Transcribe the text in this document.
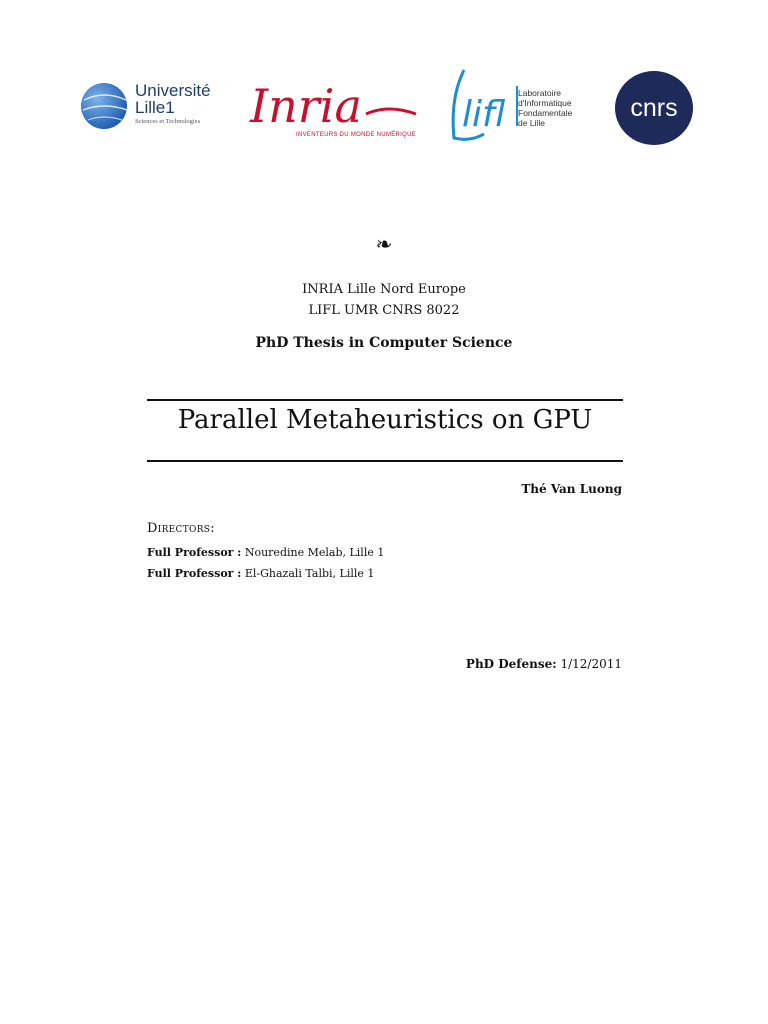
Université
Lille1
Sciences et Technologies Inria
INVENTEURS DU MONDE NUMÉRIQUE lifl
Laboratoire
d'Informatique
Fondamentale
de Lille
cnrs
❧
INRIA Lille Nord Europe
LIFL UMR CNRS 8022
PhD Thesis in Computer Science
Parallel Metaheuristics on GPU
Thé Van Luong
Directors:
Full Professor : Nouredine Melab, Lille 1
Full Professor : El-Ghazali Talbi, Lille 1
PhD Defense: 1/12/2011
